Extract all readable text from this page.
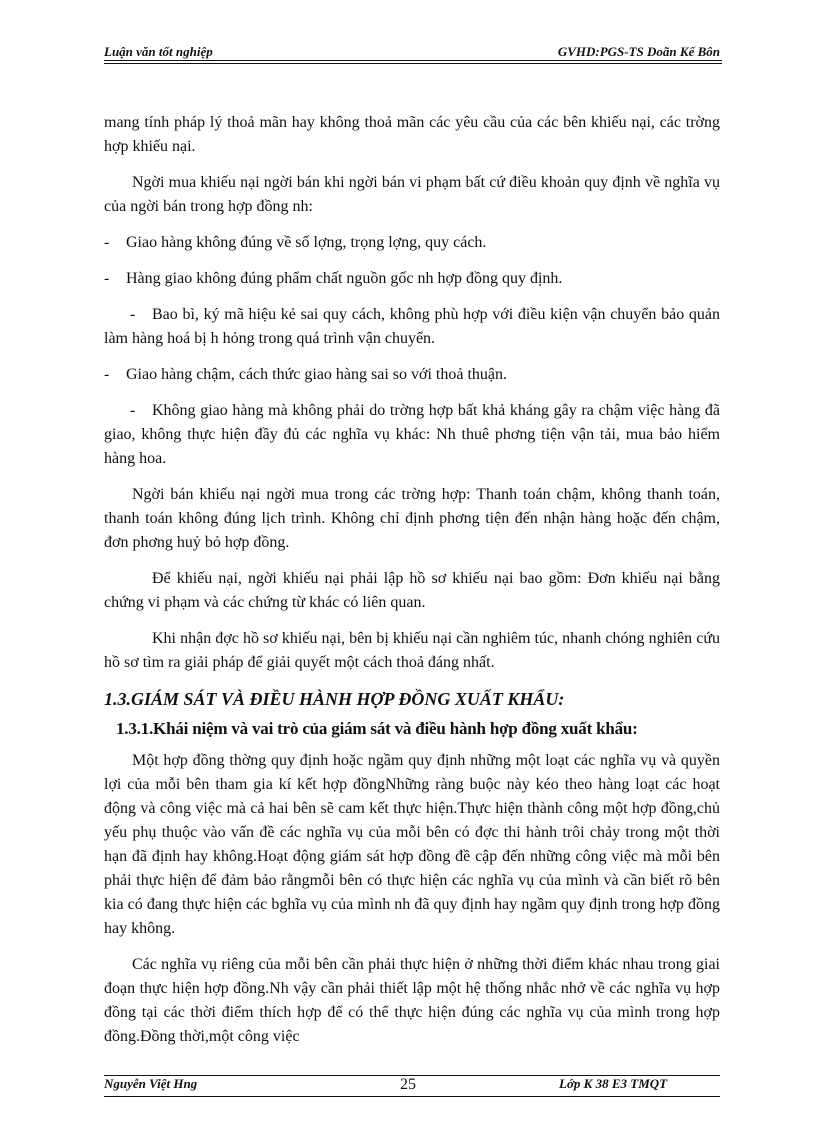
Luận văn tốt nghiệp	GVHD:PGS-TS Doãn Kế Bôn

mang tính pháp lý thoả mãn hay không thoả mãn các yêu cầu của các bên khiếu nại, các trờng hợp khiếu nại.

Ngời mua khiếu nại ngời bán khi ngời bán vi phạm bất cứ điều khoản quy định về nghĩa vụ của ngời bán trong hợp đồng nh:

- Giao hàng không đúng về số lợng, trọng lợng, quy cách.

- Hàng giao không đúng phẩm chất nguồn gốc nh hợp đồng quy định.

- Bao bì, ký mã hiệu kẻ sai quy cách, không phù hợp với điều kiện vận chuyển bảo quản làm hàng hoá bị h hỏng trong quá trình vận chuyển.

- Giao hàng chậm, cách thức giao hàng sai so với thoả thuận.

- Không giao hàng mà không phải do trờng hợp bất khả kháng gây ra chậm việc hàng đã giao, không thực hiện đầy đủ các nghĩa vụ khác: Nh thuê phơng tiện vận tải, mua bảo hiểm hàng hoa.

Ngời bán khiếu nại ngời mua trong các trờng hợp: Thanh toán chậm, không thanh toán, thanh toán không đúng lịch trình. Không chỉ định phơng tiện đến nhận hàng hoặc đến chậm, đơn phơng huỷ bỏ hợp đồng.

Để khiếu nại, ngời khiếu nại phải lập hồ sơ khiếu nại bao gồm: Đơn khiếu nại bằng chứng vi phạm và các chứng từ khác có liên quan.

Khi nhận đợc hồ sơ khiếu nại, bên bị khiếu nại cần nghiêm túc, nhanh chóng nghiên cứu hồ sơ tìm ra giải pháp để giải quyết một cách thoả đáng nhất.

1.3.GIÁM SÁT VÀ ĐIỀU HÀNH HỢP ĐỒNG XUẤT KHẨU:

1.3.1.Khái niệm và vai trò của giám sát và điều hành hợp đồng xuất khẩu:

Một hợp đồng thờng quy định hoặc ngầm quy định những một loạt các nghĩa vụ và quyền lợi của mỗi bên tham gia kí kết hợp đồngNhững ràng buộc này kéo theo hàng loạt các hoạt động và công việc mà cả hai bên sẽ cam kết thực hiện.Thực hiện thành công một hợp đồng,chủ yếu phụ thuộc vào vấn đề các nghĩa vụ của mỗi bên có đợc thi hành trôi chảy trong một thời hạn đã định hay không.Hoạt động giám sát hợp đồng đề cập đến những công việc mà mỗi bên phải thực hiện để đảm bảo rằngmỗi bên có thực hiện các nghĩa vụ của mình và cần biết rõ bên kia có đang thực hiện các bghĩa vụ của mình nh đã quy định hay ngầm quy định trong hợp đồng hay không.

Các nghĩa vụ riêng của mỗi bên cần phải thực hiện ở những thời điểm khác nhau trong giai đoạn thực hiện hợp đồng.Nh vậy cần phải thiết lập một hệ thống nhắc nhở về các nghĩa vụ hợp đồng tại các thời điểm thích hợp để có thể thực hiện đúng các nghĩa vụ của mình trong hợp đồng.Đồng thời,một công việc

Nguyễn Việt Hng	25	Lớp K 38 E3 TMQT
